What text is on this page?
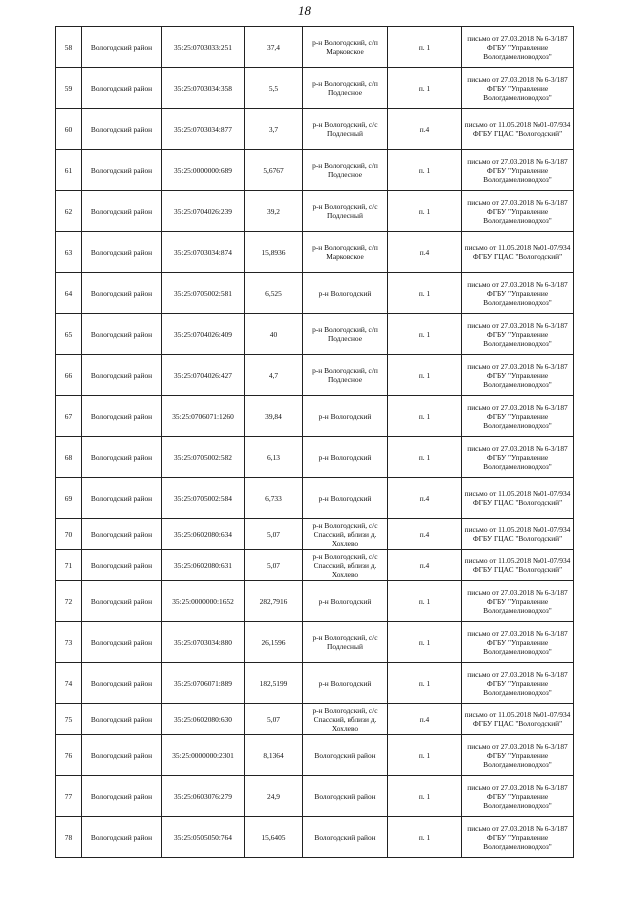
18
58	Вологодский район	35:25:0703033:251	37,4	р-н Вологодский, с/п Марковское	п. 1	письмо от 27.03.2018 № 6-3/187 ФГБУ "Управление Вологдамелиоводхоз"
59	Вологодский район	35:25:0703034:358	5,5	р-н Вологодский, с/п Подлесное	п. 1	письмо от 27.03.2018 № 6-3/187 ФГБУ "Управление Вологдамелиоводхоз"
60	Вологодский район	35:25:0703034:877	3,7	р-н Вологодский, с/с Подлесный	п.4	письмо от 11.05.2018 №01-07/934 ФГБУ ГЦАС "Вологодский"
61	Вологодский район	35:25:0000000:689	5,6767	р-н Вологодский, с/п Подлесное	п. 1	письмо от 27.03.2018 № 6-3/187 ФГБУ "Управление Вологдамелиоводхоз"
62	Вологодский район	35:25:0704026:239	39,2	р-н Вологодский, с/с Подлесный	п. 1	письмо от 27.03.2018 № 6-3/187 ФГБУ "Управление Вологдамелиоводхоз"
63	Вологодский район	35:25:0703034:874	15,8936	р-н Вологодский, с/п Марковское	п.4	письмо от 11.05.2018 №01-07/934 ФГБУ ГЦАС "Вологодский"
64	Вологодский район	35:25:0705002:581	6,525	р-н Вологодский	п. 1	письмо от 27.03.2018 № 6-3/187 ФГБУ "Управление Вологдамелиоводхоз"
65	Вологодский район	35:25:0704026:409	40	р-н Вологодский, с/п Подлесное	п. 1	письмо от 27.03.2018 № 6-3/187 ФГБУ "Управление Вологдамелиоводхоз"
66	Вологодский район	35:25:0704026:427	4,7	р-н Вологодский, с/п Подлесное	п. 1	письмо от 27.03.2018 № 6-3/187 ФГБУ "Управление Вологдамелиоводхоз"
67	Вологодский район	35:25:0706071:1260	39,84	р-н Вологодский	п. 1	письмо от 27.03.2018 № 6-3/187 ФГБУ "Управление Вологдамелиоводхоз"
68	Вологодский район	35:25:0705002:582	6,13	р-н Вологодский	п. 1	письмо от 27.03.2018 № 6-3/187 ФГБУ "Управление Вологдамелиоводхоз"
69	Вологодский район	35:25:0705002:584	6,733	р-н Вологодский	п.4	письмо от 11.05.2018 №01-07/934 ФГБУ ГЦАС "Вологодский"
70	Вологодский район	35:25:0602080:634	5,07	р-н Вологодский, с/с Спасский, вблизи д. Хохлево	п.4	письмо от 11.05.2018 №01-07/934 ФГБУ ГЦАС "Вологодский"
71	Вологодский район	35:25:0602080:631	5,07	р-н Вологодский, с/с Спасский, вблизи д. Хохлево	п.4	письмо от 11.05.2018 №01-07/934 ФГБУ ГЦАС "Вологодский"
72	Вологодский район	35:25:0000000:1652	282,7916	р-н Вологодский	п. 1	письмо от 27.03.2018 № 6-3/187 ФГБУ "Управление Вологдамелиоводхоз"
73	Вологодский район	35:25:0703034:880	26,1596	р-н Вологодский, с/с Подлесный	п. 1	письмо от 27.03.2018 № 6-3/187 ФГБУ "Управление Вологдамелиоводхоз"
74	Вологодский район	35:25:0706071:889	182,5199	р-н Вологодский	п. 1	письмо от 27.03.2018 № 6-3/187 ФГБУ "Управление Вологдамелиоводхоз"
75	Вологодский район	35:25:0602080:630	5,07	р-н Вологодский, с/с Спасский, вблизи д. Хохлево	п.4	письмо от 11.05.2018 №01-07/934 ФГБУ ГЦАС "Вологодский"
76	Вологодский район	35:25:0000000:2301	8,1364	Вологодский район	п. 1	письмо от 27.03.2018 № 6-3/187 ФГБУ "Управление Вологдамелиоводхоз"
77	Вологодский район	35:25:0603076:279	24,9	Вологодский район	п. 1	письмо от 27.03.2018 № 6-3/187 ФГБУ "Управление Вологдамелиоводхоз"
78	Вологодский район	35:25:0505050:764	15,6405	Вологодский район	п. 1	письмо от 27.03.2018 № 6-3/187 ФГБУ "Управление Вологдамелиоводхоз"
